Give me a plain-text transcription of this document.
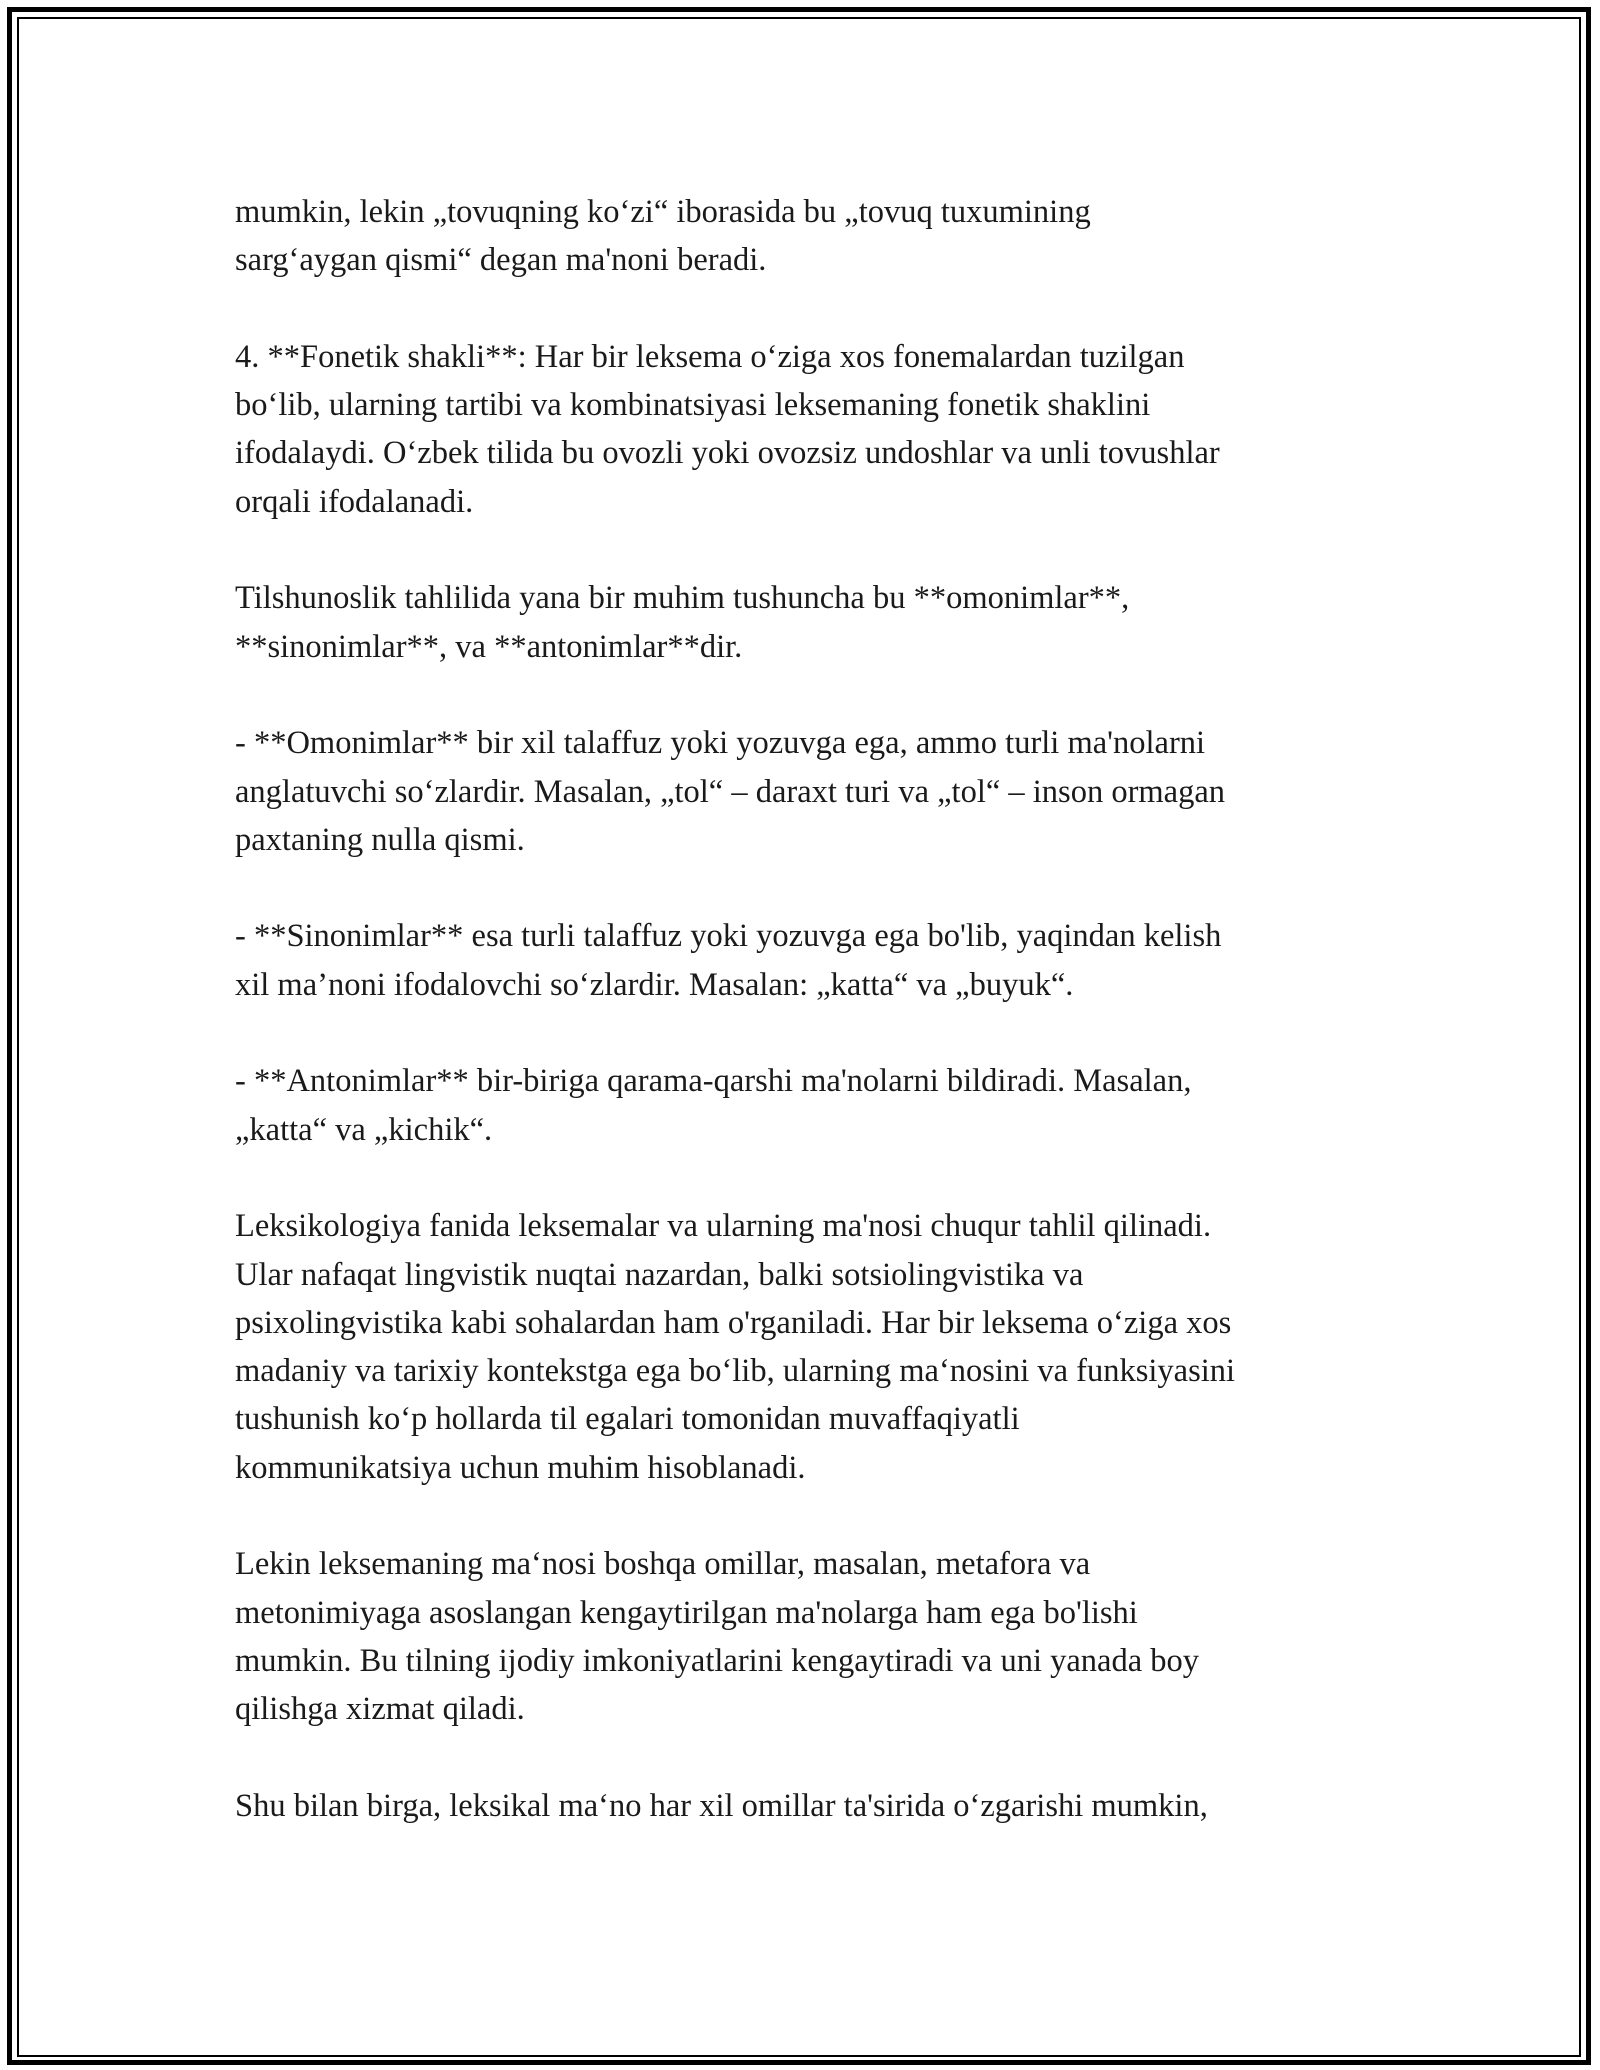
mumkin, lekin „tovuqning ko‘zi“ iborasida bu „tovuq tuxumining
sarg‘aygan qismi“ degan ma'noni beradi.

4. **Fonetik shakli**: Har bir leksema o‘ziga xos fonemalardan tuzilgan
bo‘lib, ularning tartibi va kombinatsiyasi leksemaning fonetik shaklini
ifodalaydi. O‘zbek tilida bu ovozli yoki ovozsiz undoshlar va unli tovushlar
orqali ifodalanadi.

Tilshunoslik tahlilida yana bir muhim tushuncha bu **omonimlar**,
**sinonimlar**, va **antonimlar**dir.

- **Omonimlar** bir xil talaffuz yoki yozuvga ega, ammo turli ma'nolarni
anglatuvchi so‘zlardir. Masalan, „tol“ – daraxt turi va „tol“ – inson ormagan
paxtaning nulla qismi.

- **Sinonimlar** esa turli talaffuz yoki yozuvga ega bo'lib, yaqindan kelish
xil ma’noni ifodalovchi so‘zlardir. Masalan: „katta“ va „buyuk“.

- **Antonimlar** bir-biriga qarama-qarshi ma'nolarni bildiradi. Masalan,
„katta“ va „kichik“.

Leksikologiya fanida leksemalar va ularning ma'nosi chuqur tahlil qilinadi.
Ular nafaqat lingvistik nuqtai nazardan, balki sotsiolingvistika va
psixolingvistika kabi sohalardan ham o'rganiladi. Har bir leksema o‘ziga xos
madaniy va tarixiy kontekstga ega bo‘lib, ularning ma‘nosini va funksiyasini
tushunish ko‘p hollarda til egalari tomonidan muvaffaqiyatli
kommunikatsiya uchun muhim hisoblanadi.

Lekin leksemaning ma‘nosi boshqa omillar, masalan, metafora va
metonimiyaga asoslangan kengaytirilgan ma'nolarga ham ega bo'lishi
mumkin. Bu tilning ijodiy imkoniyatlarini kengaytiradi va uni yanada boy
qilishga xizmat qiladi.

Shu bilan birga, leksikal ma‘no har xil omillar ta'sirida o‘zgarishi mumkin,
